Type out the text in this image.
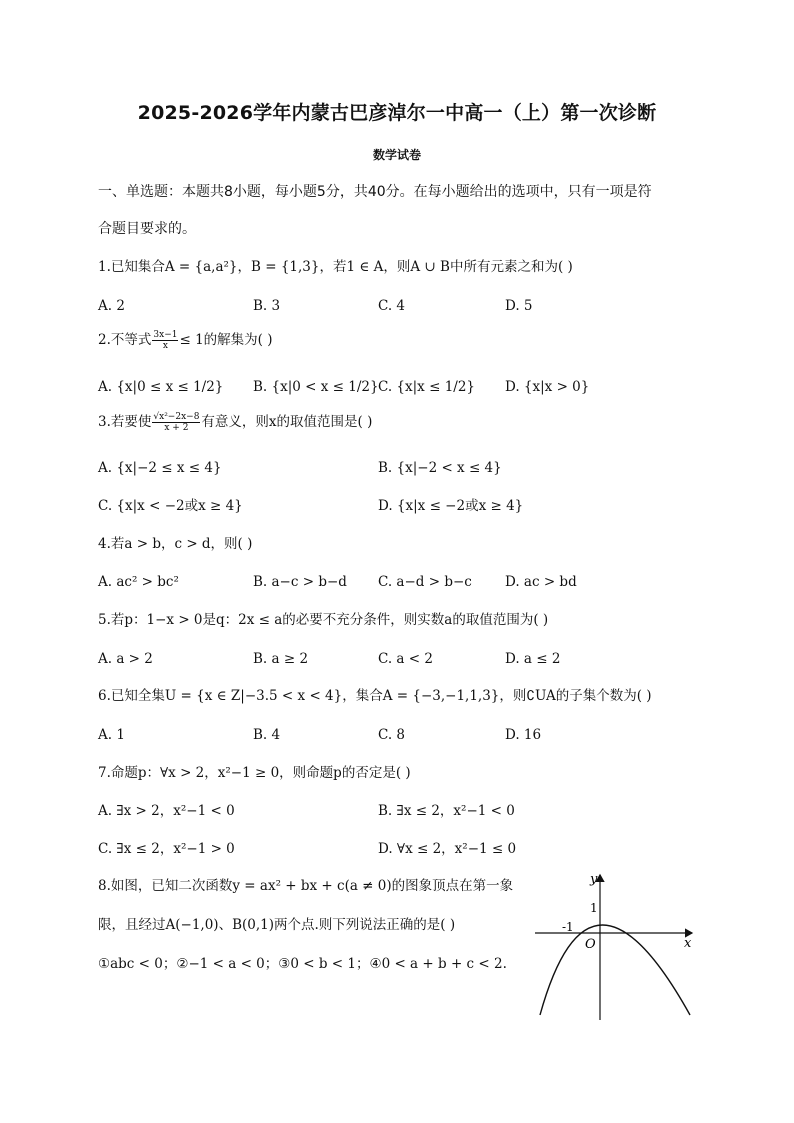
2025-2026学年内蒙古巴彦淖尔一中高一（上）第一次诊断
数学试卷
一、单选题：本题共8小题，每小题5分，共40分。在每小题给出的选项中，只有一项是符
合题目要求的。
1.已知集合A = {a,a²}，B = {1,3}，若1 ∈ A，则A ∪ B中所有元素之和为( )
A. 2	B. 3	C. 4	D. 5
2.不等式 $\frac{3x-1}{x} \le 1$的解集为( )
A. {x|0 ≤ x ≤ 1/2} B. {x|0 < x ≤ 1/2} C. {x|x ≤ 1/2} D. {x|x > 0}
3.若要使 $\frac{\text{√x²−2x−8}}{x + 2}$ 有意义，则x的取值范围是( )
A. {x|−2 ≤ x ≤ 4}	B. {x|−2 < x ≤ 4}
C. {x|x < −2或x ≥ 4}	D. {x|x ≤ −2或x ≥ 4}
4.若a > b，c > d，则( )
A. ac² > bc²	B. a−c > b−d C. a−d > b−c D. ac > bd
5.若p：1−x > 0是q：2x ≤ a的必要不充分条件，则实数a的取值范围为( )
A. a > 2	B. a ≥ 2	C. a < 2	D. a ≤ 2
6.已知全集U = {x ∈ Z|−3.5 < x < 4}，集合A = {−3,−1,1,3}，则∁UA的子集个数为( )
A. 1	B. 4	C. 8	D. 16
7.命题p：∀x > 2，x²−1 ≥ 0，则命题p的否定是( )
A. ∃x > 2，x²−1 < 0	B. ∃x ≤ 2，x²−1 < 0
C. ∃x ≤ 2，x²−1 > 0	D. ∀x ≤ 2，x²−1 ≤ 0
8.如图，已知二次函数y = ax² + bx + c(a ≠ 0)的图象顶点在第一象
限，且经过A(−1,0)、B(0,1)两个点.则下列说法正确的是( )
①abc < 0；②−1 < a < 0；③0 < b < 1；④0 < a + b + c < 2.
y
x
O
-1
1
